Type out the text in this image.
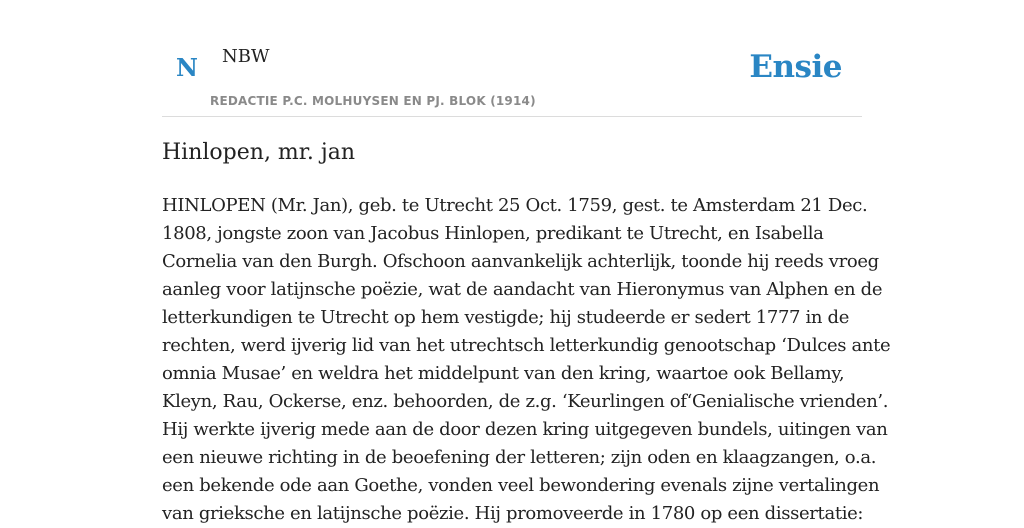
N NBW
REDACTIE P.C. MOLHUYSEN EN PJ. BLOK (1914)
Ensie
Hinlopen, mr. jan

HINLOPEN (Mr. Jan), geb. te Utrecht 25 Oct. 1759, gest. te Amsterdam 21 Dec.
1808, jongste zoon van Jacobus Hinlopen, predikant te Utrecht, en Isabella
Cornelia van den Burgh. Ofschoon aanvankelijk achterlijk, toonde hij reeds vroeg
aanleg voor latijnsche poëzie, wat de aandacht van Hieronymus van Alphen en de
letterkundigen te Utrecht op hem vestigde; hij studeerde er sedert 1777 in de
rechten, werd ijverig lid van het utrechtsch letterkundig genootschap ‘Dulces ante
omnia Musae’ en weldra het middelpunt van den kring, waartoe ook Bellamy,
Kleyn, Rau, Ockerse, enz. behoorden, de z.g. ‘Keurlingen of‘Genialische vrienden’.
Hij werkte ijverig mede aan de door dezen kring uitgegeven bundels, uitingen van
een nieuwe richting in de beoefening der letteren; zijn oden en klaagzangen, o.a.
een bekende ode aan Goethe, vonden veel bewondering evenals zijne vertalingen
van grieksche en latijnsche poëzie. Hij promoveerde in 1780 op een dissertatie:
